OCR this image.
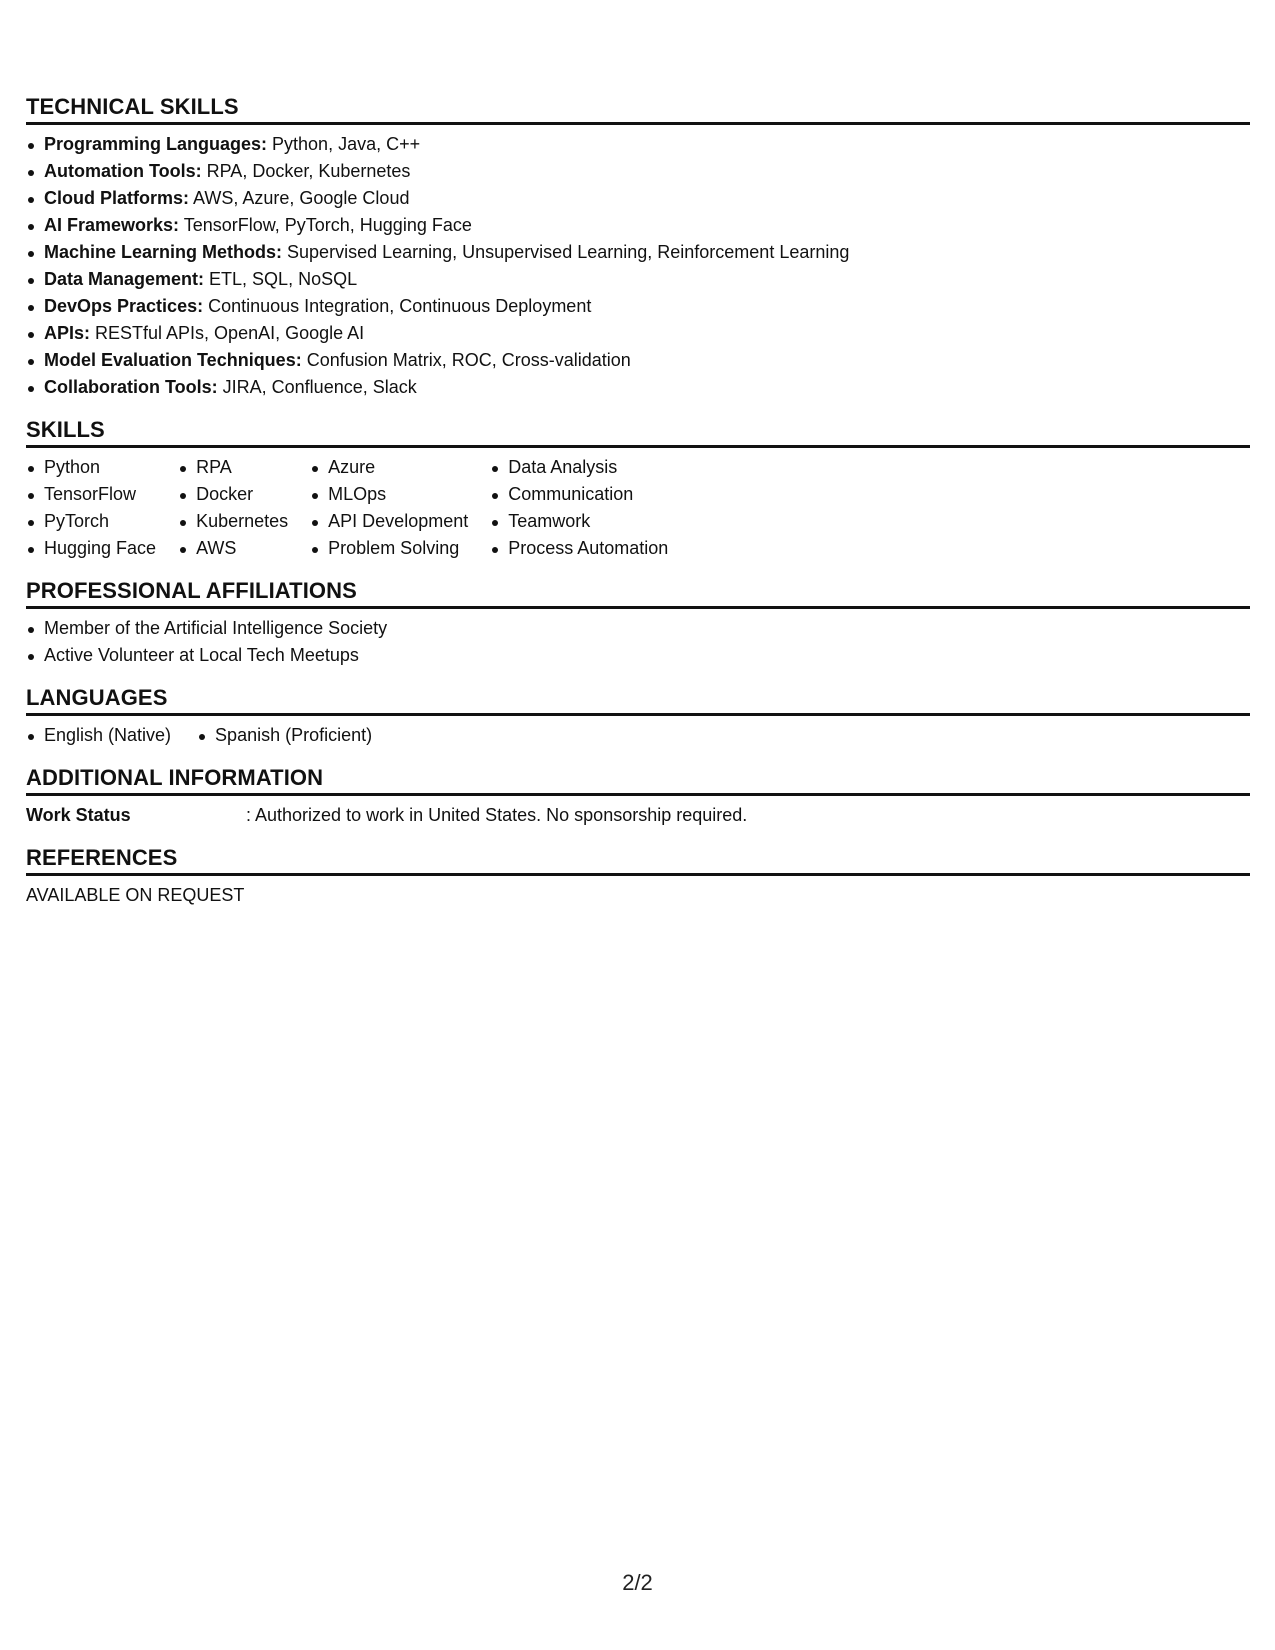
TECHNICAL SKILLS
Programming Languages: Python, Java, C++
Automation Tools: RPA, Docker, Kubernetes
Cloud Platforms: AWS, Azure, Google Cloud
AI Frameworks: TensorFlow, PyTorch, Hugging Face
Machine Learning Methods: Supervised Learning, Unsupervised Learning, Reinforcement Learning
Data Management: ETL, SQL, NoSQL
DevOps Practices: Continuous Integration, Continuous Deployment
APIs: RESTful APIs, OpenAI, Google AI
Model Evaluation Techniques: Confusion Matrix, ROC, Cross-validation
Collaboration Tools: JIRA, Confluence, Slack
SKILLS
Python
TensorFlow
PyTorch
Hugging Face
RPA
Docker
Kubernetes
AWS
Azure
MLOps
API Development
Problem Solving
Data Analysis
Communication
Teamwork
Process Automation
PROFESSIONAL AFFILIATIONS
Member of the Artificial Intelligence Society
Active Volunteer at Local Tech Meetups
LANGUAGES
English (Native)	Spanish (Proficient)
ADDITIONAL INFORMATION
Work Status	: Authorized to work in United States. No sponsorship required.
REFERENCES
AVAILABLE ON REQUEST
2/2
